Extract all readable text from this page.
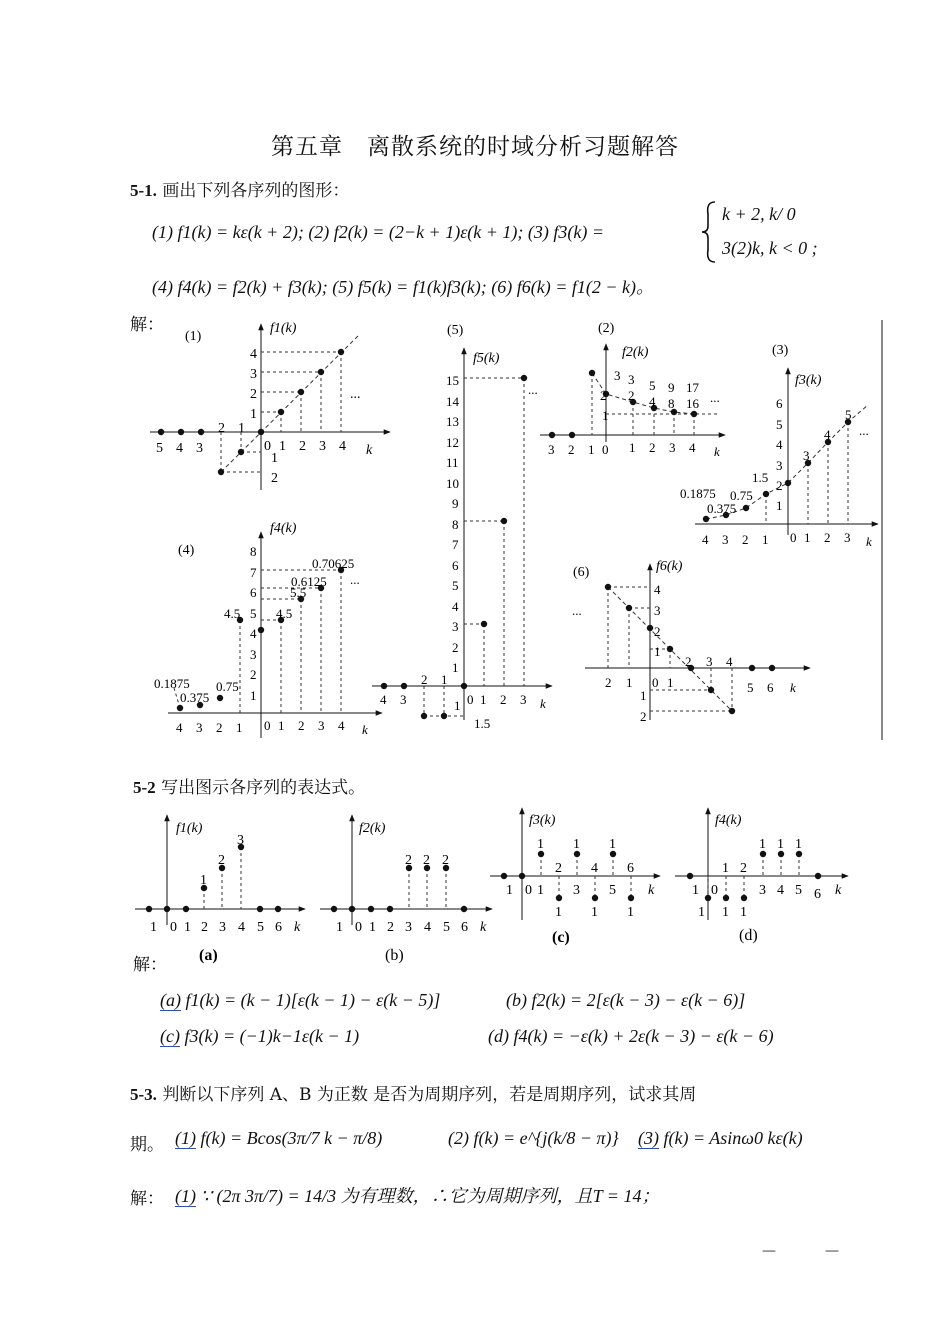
第五章　离散系统的时域分析习题解答
5-1. 画出下列各序列的图形：
(1) f1(k) = kε(k + 2); (2) f2(k) = (2−k + 1)ε(k + 1); (3) f3(k) =
k + 2, k/ 0
3(2)k, k < 0 ;
(4) f4(k) = f2(k) + f3(k); (5) f5(k) = f1(k)f3(k); (6) f6(k) = f1(2 − k)。
解：
(1)
f1(k)
5 4 3
2 1
0 1 2 3 4
1
2
3
4
1
2
k
...
(5)
f5(k)
15
14
13
12
11
10
9
8
7
6
5
4
3
2
1
4 3
2 1
0 1 2 3
1
1.5
k
...
(2)
f2(k)
3
2
1
3
2
5
4
9
8
17
16
3 2 1 0 1 2 3 4 k
...
(3)
f3(k)
6
5
4
3
2
1
0.1875
0.375
0.75
1.5
3
4
5
4 3 2 1 0 1 2 3 k
...
(4)
f4(k)
8
7
6
5
4
3
2
1
0.1875
0.375
0.75
4.5	4.5
5.5
0.6125
0.70625
4 3 2 1 0 1 2 3 4 k
...	(6)	f6(k)
4
3
2
1
1
2
2 1 0 1
2 3 4
5 6 k
...
5-2 写出图示各序列的表达式。
f1(k)
1
2
3
1 0 1 2 3 4 5 6 k
f2(k)
2 2 2
1 0 1 2 3 4 5 6 k
f3(k)
1 1 1
2 4 6
1 0 1 3 5
1 1 1
k
f4(k)
1 1 1
1 2
1 0	3 4 5 6
1 1 1
k
(a)	(b)
(c)	(d)
解：
(a) f1(k) = (k − 1)[ε(k − 1) − ε(k − 5)]	(b) f2(k) = 2[ε(k − 3) − ε(k − 6)]
(c) f3(k) = (−1)k−1ε(k − 1)	(d) f4(k) = −ε(k) + 2ε(k − 3) − ε(k − 6)
5-3. 判断以下序列 A、B 为正数 是否为周期序列，若是周期序列，试求其周
期。 (1) f(k) = Bcos(3π/7 k − π/8)	(2) f(k) = e^{j(k/8 − π)} (3) f(k) = Asinω0 kε(k)
解： (1) ∵ (2π 3π/7) = 14/3 为有理数，∴它为周期序列，且T = 14；
—	—
